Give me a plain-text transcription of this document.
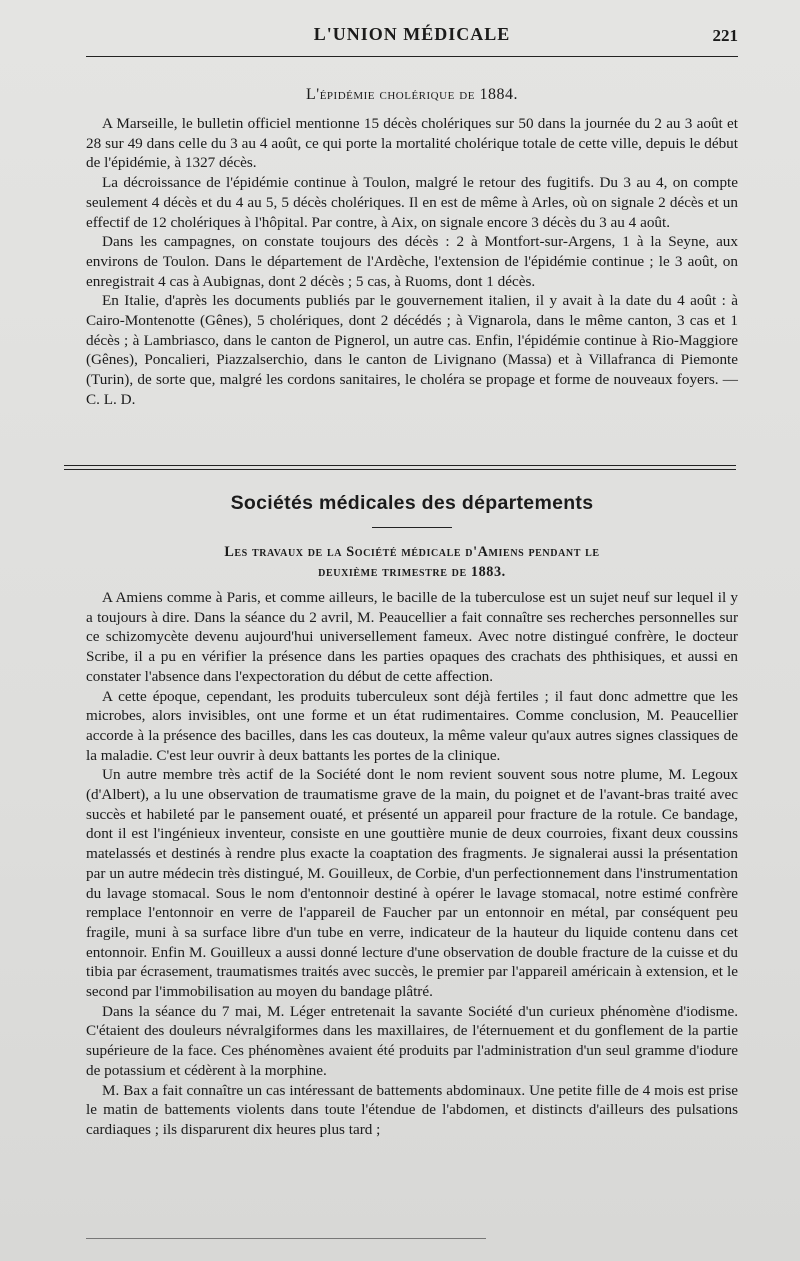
L'UNION MÉDICALE	221
L'épidémie cholérique de 1884.

A Marseille, le bulletin officiel mentionne 15 décès cholériques sur 50 dans la journée du 2 au 3 août et 28 sur 49 dans celle du 3 au 4 août, ce qui porte la mortalité cholérique totale de cette ville, depuis le début de l'épidémie, à 1327 décès.

La décroissance de l'épidémie continue à Toulon, malgré le retour des fugitifs. Du 3 au 4, on compte seulement 4 décès et du 4 au 5, 5 décès cholériques. Il en est de même à Arles, où on signale 2 décès et un effectif de 12 cholériques à l'hôpital. Par contre, à Aix, on signale encore 3 décès du 3 au 4 août.

Dans les campagnes, on constate toujours des décès : 2 à Montfort-sur-Argens, 1 à la Seyne, aux environs de Toulon. Dans le département de l'Ardèche, l'extension de l'épidémie continue ; le 3 août, on enregistrait 4 cas à Aubignas, dont 2 décès ; 5 cas, à Ruoms, dont 1 décès.

En Italie, d'après les documents publiés par le gouvernement italien, il y avait à la date du 4 août : à Cairo-Montenotte (Gênes), 5 cholériques, dont 2 décédés ; à Vignarola, dans le même canton, 3 cas et 1 décès ; à Lambriasco, dans le canton de Pignerol, un autre cas. Enfin, l'épidémie continue à Rio-Maggiore (Gênes), Poncalieri, Piazzalserchio, dans le canton de Livignano (Massa) et à Villafranca di Piemonte (Turin), de sorte que, malgré les cordons sanitaires, le choléra se propage et forme de nouveaux foyers. — C. L. D.

Sociétés médicales des départements
Les travaux de la Société médicale d'Amiens pendant le
deuxième trimestre de 1883.

A Amiens comme à Paris, et comme ailleurs, le bacille de la tuberculose est un sujet neuf sur lequel il y a toujours à dire. Dans la séance du 2 avril, M. Peaucellier a fait connaître ses recherches personnelles sur ce schizomycète devenu aujourd'hui universellement fameux. Avec notre distingué confrère, le docteur Scribe, il a pu en vérifier la présence dans les parties opaques des crachats des phthisiques, et aussi en constater l'absence dans l'expectoration du début de cette affection.

A cette époque, cependant, les produits tuberculeux sont déjà fertiles ; il faut donc admettre que les microbes, alors invisibles, ont une forme et un état rudimentaires. Comme conclusion, M. Peaucellier accorde à la présence des bacilles, dans les cas douteux, la même valeur qu'aux autres signes classiques de la maladie. C'est leur ouvrir à deux battants les portes de la clinique.

Un autre membre très actif de la Société dont le nom revient souvent sous notre plume, M. Legoux (d'Albert), a lu une observation de traumatisme grave de la main, du poignet et de l'avant-bras traité avec succès et habileté par le pansement ouaté, et présenté un appareil pour fracture de la rotule. Ce bandage, dont il est l'ingénieux inventeur, consiste en une gouttière munie de deux courroies, fixant deux coussins matelassés et destinés à rendre plus exacte la coaptation des fragments. Je signalerai aussi la présentation par un autre médecin très distingué, M. Gouilleux, de Corbie, d'un perfectionnement dans l'instrumentation du lavage stomacal. Sous le nom d'entonnoir destiné à opérer le lavage stomacal, notre estimé confrère remplace l'entonnoir en verre de l'appareil de Faucher par un entonnoir en métal, par conséquent peu fragile, muni à sa surface libre d'un tube en verre, indicateur de la hauteur du liquide contenu dans cet entonnoir. Enfin M. Gouilleux a aussi donné lecture d'une observation de double fracture de la cuisse et du tibia par écrasement, traumatismes traités avec succès, le premier par l'appareil américain à extension, et le second par l'immobilisation au moyen du bandage plâtré.

Dans la séance du 7 mai, M. Léger entretenait la savante Société d'un curieux phénomène d'iodisme. C'étaient des douleurs névralgiformes dans les maxillaires, de l'éternuement et du gonflement de la partie supérieure de la face. Ces phénomènes avaient été produits par l'administration d'un seul gramme d'iodure de potassium et cédèrent à la morphine.

M. Bax a fait connaître un cas intéressant de battements abdominaux. Une petite fille de 4 mois est prise le matin de battements violents dans toute l'étendue de l'abdomen, et distincts d'ailleurs des pulsations cardiaques ; ils disparurent dix heures plus tard ;
